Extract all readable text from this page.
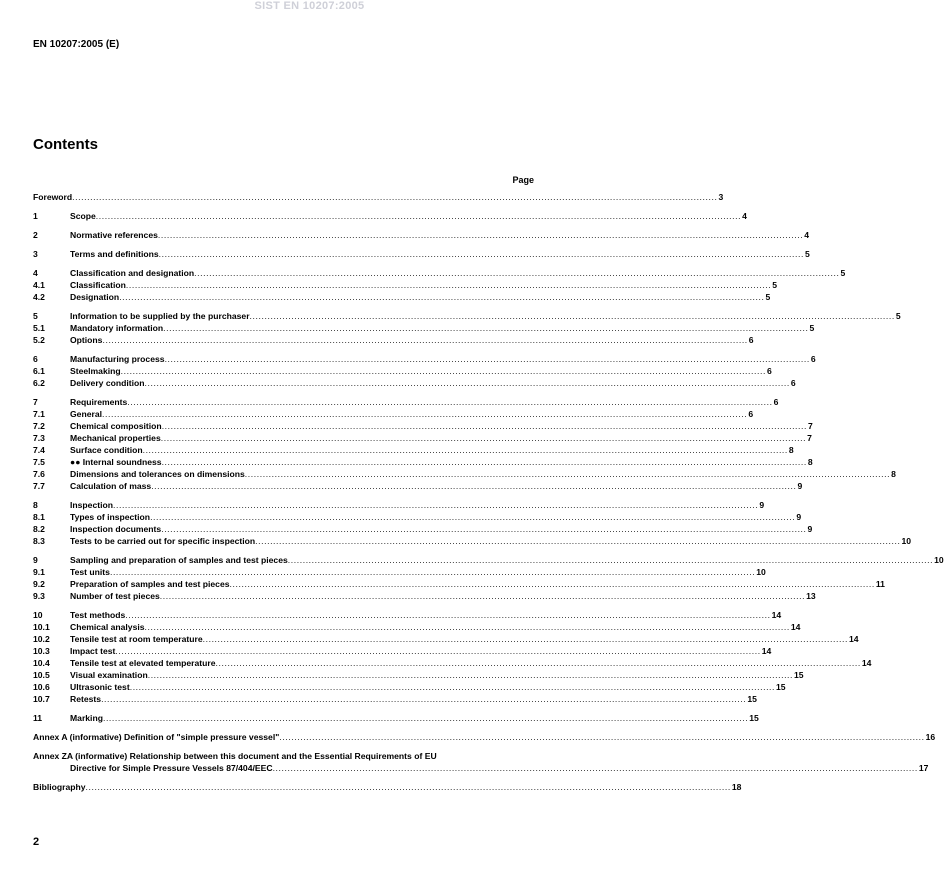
SIST EN 10207:2005
EN 10207:2005 (E)
Contents
Page
Foreword .....	3
1	Scope .....	4
2	Normative references .....	4
3	Terms and definitions .....	5
4	Classification and designation .....	5
4.1	Classification .....	5
4.2	Designation .....	5
5	Information to be supplied by the purchaser .....	5
5.1	Mandatory information .....	5
5.2	Options .....	6
6	Manufacturing process .....	6
6.1	Steelmaking .....	6
6.2	Delivery condition .....	6
7	Requirements .....	6
7.1	General .....	6
7.2	Chemical composition .....	7
7.3	Mechanical properties .....	7
7.4	Surface condition .....	8
7.5	●● Internal soundness .....	8
7.6	Dimensions and tolerances on dimensions .....	8
7.7	Calculation of mass .....	9
8	Inspection .....	9
8.1	Types of inspection .....	9
8.2	Inspection documents .....	9
8.3	Tests to be carried out for specific inspection .....	10
9	Sampling and preparation of samples and test pieces .....	10
9.1	Test units .....	10
9.2	Preparation of samples and test pieces .....	11
9.3	Number of test pieces .....	13
10	Test methods .....	14
10.1	Chemical analysis .....	14
10.2	Tensile test at room temperature .....	14
10.3	Impact test .....	14
10.4	Tensile test at elevated temperature .....	14
10.5	Visual examination .....	15
10.6	Ultrasonic test .....	15
10.7	Retests .....	15
11	Marking .....	15
Annex A (informative) Definition of "simple pressure vessel" .....	16
Annex ZA (informative) Relationship between this document and the Essential Requirements of EU
Directive for Simple Pressure Vessels 87/404/EEC .....	17
Bibliography .....	18
2
